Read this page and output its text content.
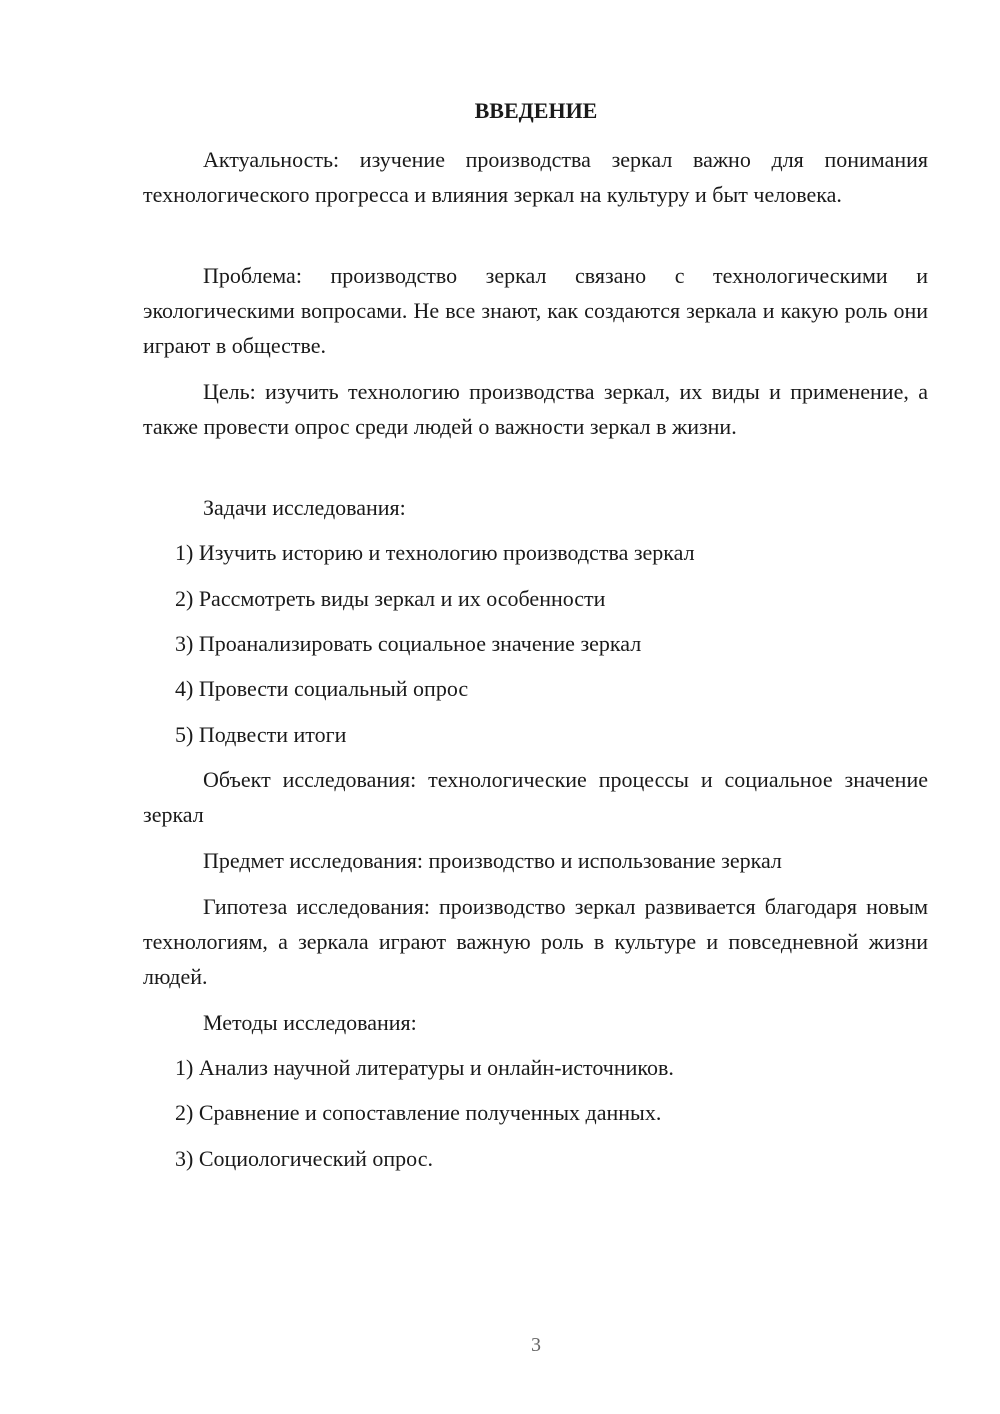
ВВЕДЕНИЕ

Актуальность: изучение производства зеркал важно для понимания технологического прогресса и влияния зеркал на культуру и быт человека.

Проблема: производство зеркал связано с технологическими и экологическими вопросами. Не все знают, как создаются зеркала и какую роль они играют в обществе.

Цель: изучить технологию производства зеркал, их виды и применение, а также провести опрос среди людей о важности зеркал в жизни.

Задачи исследования:

1) Изучить историю и технологию производства зеркал

2) Рассмотреть виды зеркал и их особенности

3) Проанализировать социальное значение зеркал

4) Провести социальный опрос

5) Подвести итоги

Объект исследования: технологические процессы и социальное значение зеркал

Предмет исследования: производство и использование зеркал

Гипотеза исследования: производство зеркал развивается благодаря новым технологиям, а зеркала играют важную роль в культуре и повседневной жизни людей.

Методы исследования:

1) Анализ научной литературы и онлайн-источников.

2) Сравнение и сопоставление полученных данных.

3) Социологический опрос.

3
